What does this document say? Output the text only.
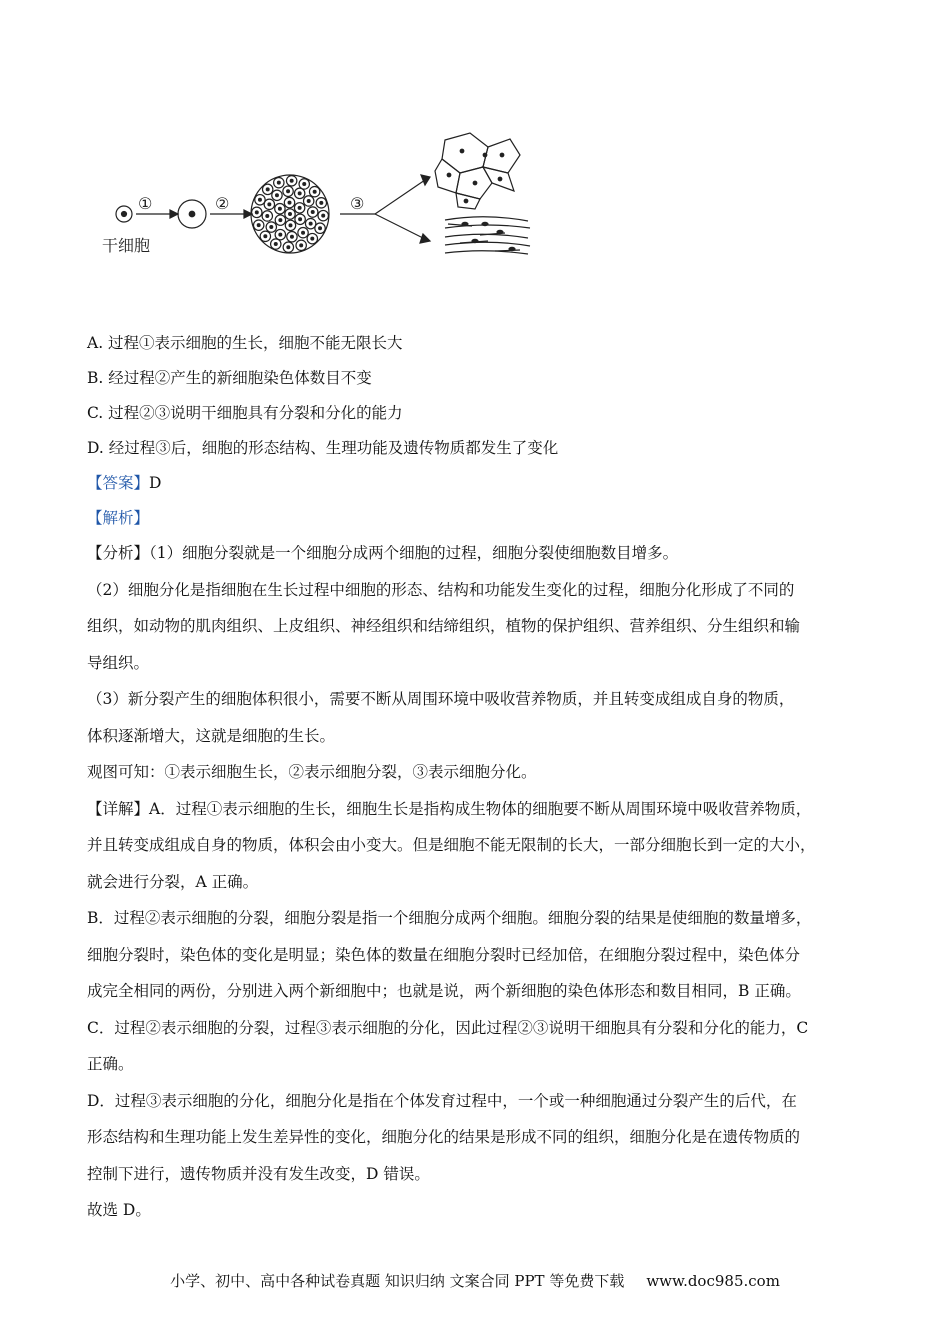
①	②	③
干细胞
A. 过程①表示细胞的生长，细胞不能无限长大
B. 经过程②产生的新细胞染色体数目不变
C. 过程②③说明干细胞具有分裂和分化的能力
D. 经过程③后，细胞的形态结构、生理功能及遗传物质都发生了变化
【答案】D
【解析】
【分析】（1）细胞分裂就是一个细胞分成两个细胞的过程，细胞分裂使细胞数目增多。
（2）细胞分化是指细胞在生长过程中细胞的形态、结构和功能发生变化的过程，细胞分化形成了不同的
组织，如动物的肌肉组织、上皮组织、神经组织和结缔组织，植物的保护组织、营养组织、分生组织和输
导组织。
（3）新分裂产生的细胞体积很小，需要不断从周围环境中吸收营养物质，并且转变成组成自身的物质，
体积逐渐增大，这就是细胞的生长。
观图可知：①表示细胞生长，②表示细胞分裂，③表示细胞分化。
【详解】A．过程①表示细胞的生长，细胞生长是指构成生物体的细胞要不断从周围环境中吸收营养物质，
并且转变成组成自身的物质，体积会由小变大。但是细胞不能无限制的长大，一部分细胞长到一定的大小，
就会进行分裂，A 正确。
B．过程②表示细胞的分裂，细胞分裂是指一个细胞分成两个细胞。细胞分裂的结果是使细胞的数量增多，
细胞分裂时，染色体的变化是明显；染色体的数量在细胞分裂时已经加倍，在细胞分裂过程中，染色体分
成完全相同的两份，分别进入两个新细胞中；也就是说，两个新细胞的染色体形态和数目相同，B 正确。
C．过程②表示细胞的分裂，过程③表示细胞的分化，因此过程②③说明干细胞具有分裂和分化的能力，C
正确。
D．过程③表示细胞的分化，细胞分化是指在个体发育过程中，一个或一种细胞通过分裂产生的后代，在
形态结构和生理功能上发生差异性的变化，细胞分化的结果是形成不同的组织，细胞分化是在遗传物质的
控制下进行，遗传物质并没有发生改变，D 错误。
故选 D。
小学、初中、高中各种试卷真题 知识归纳 文案合同 PPT 等免费下载 www.doc985.com
